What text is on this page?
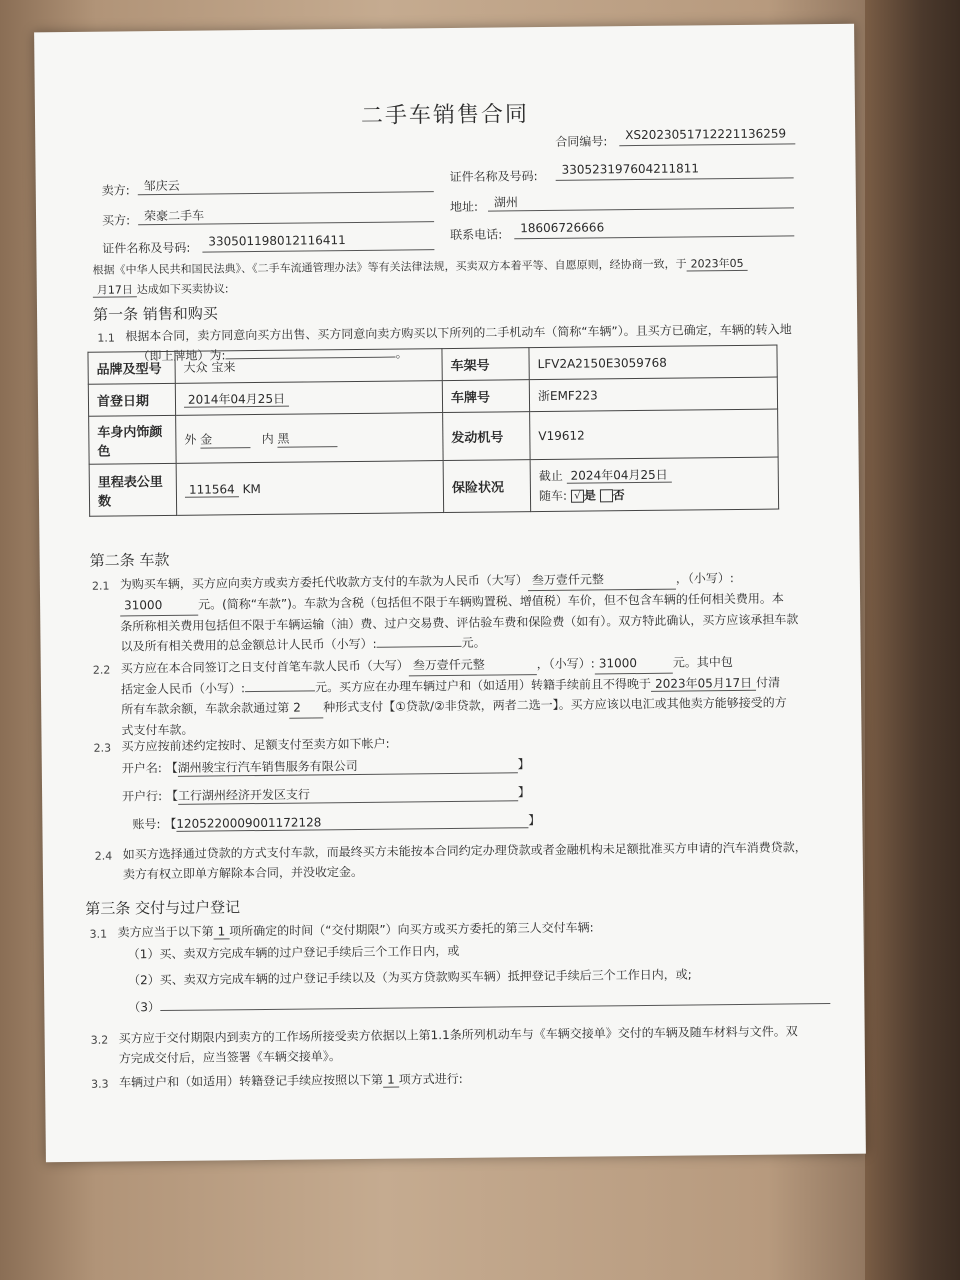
二手车销售合同
合同编号:	XS2023051712221136259
卖方:	邹庆云
证件名称及号码:	330523197604211811
买方:	荣豪二手车
地址:	湖州
证件名称及号码:	330501198012116411	联系电话:	18606726666
根据《中华人民共和国民法典》、《二手车流通管理办法》等有关法律法规，买卖双方本着平等、自愿原则，经协商一致，于 2023年05
月17日 达成如下买卖协议:
第一条 销售和购买
1.1 根据本合同，卖方同意向买方出售、买方同意向卖方购买以下所列的二手机动车（简称“车辆”）。且买方已确定，车辆的转入地
（即上牌地）为:	。
品牌及型号	大众 宝来	车架号	LFV2A2150E3059768
首登日期	2014年04月25日	车牌号	浙EMF223
车身内饰颜色	外 金 内 黑	发动机号	V19612
里程表公里数	111564 KM	保险状况	截止 2024年04月25日
随车: √ 是 否
第二条 车款
2.1 为购买车辆，买方应向卖方或卖方委托代收款方支付的车款为人民币（大写） 叁万壹仟元整	，（小写）:
31000	元。(简称“车款”)。车款为含税（包括但不限于车辆购置税、增值税）车价，但不包含车辆的任何相关费用。本
条所称相关费用包括但不限于车辆运输（油）费、过户交易费、评估验车费和保险费（如有）。双方特此确认，买方应该承担车款
以及所有相关费用的总金额总计人民币（小写）:	元。
2.2 买方应在本合同签订之日支付首笔车款人民币（大写） 叁万壹仟元整	，（小写）: 31000	元。其中包
括定金人民币（小写）:	元。买方应在办理车辆过户和（如适用）转籍手续前且不得晚于 2023年05月17日 付清
所有车款余额，车款余款通过第 2 种形式支付【①贷款/②非贷款，两者二选一】。买方应该以电汇或其他卖方能够接受的方
式支付车款。
2.3 买方应按前述约定按时、足额支付至卖方如下帐户:
开户名: 【湖州骏宝行汽车销售服务有限公司	】
开户行: 【工行湖州经济开发区支行	】
账号: 【1205220009001172128	】
2.4 如买方选择通过贷款的方式支付车款，而最终买方未能按本合同约定办理贷款或者金融机构未足额批准买方申请的汽车消费贷款，
卖方有权立即单方解除本合同，并没收定金。
第三条 交付与过户登记
3.1 卖方应当于以下第 1 项所确定的时间（“交付期限”）向买方或买方委托的第三人交付车辆:
（1）买、卖双方完成车辆的过户登记手续后三个工作日内，或
（2）买、卖双方完成车辆的过户登记手续以及（为买方贷款购买车辆）抵押登记手续后三个工作日内，或;
（3）
3.2 买方应于交付期限内到卖方的工作场所接受卖方依据以上第1.1条所列机动车与《车辆交接单》交付的车辆及随车材料与文件。双
方完成交付后，应当签署《车辆交接单》。
3.3 车辆过户和（如适用）转籍登记手续应按照以下第 1 项方式进行:
